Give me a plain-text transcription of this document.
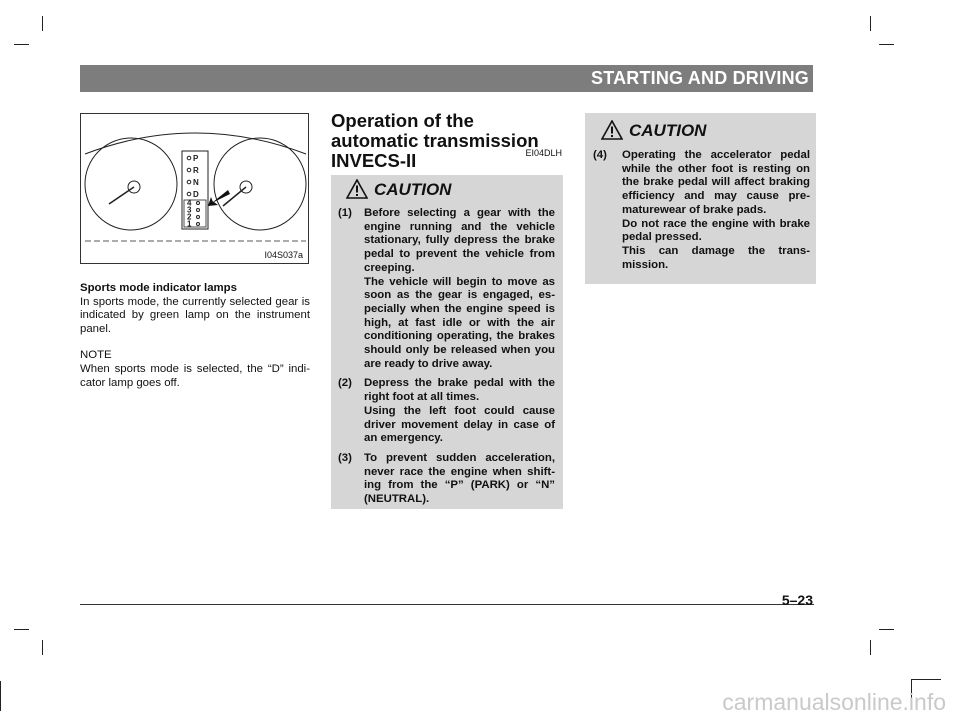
STARTING AND DRIVING
P
R
N
D
4
3
2
1
I04S037a

Sports mode indicator lamps

In sports mode, the currently selected gear is indicated by green lamp on the instrument panel.

NOTE

When sports mode is selected, the “D” indi-cator lamp goes off.

Operation of the automatic transmission INVECS-II	EI04DLH
CAUTION
(1)	Before selecting a gear with the engine running and the vehicle stationary, fully depress the brake pedal to prevent the vehicle from creeping.
The vehicle will begin to move as soon as the gear is engaged, es-pecially when the engine speed is high, at fast idle or with the air conditioning operating, the brakes should only be released when you are ready to drive away.
(2)	Depress the brake pedal with the right foot at all times.
Using the left foot could cause driver movement delay in case of an emergency.
(3)	To prevent sudden acceleration, never race the engine when shift-ing from the “P” (PARK) or “N” (NEUTRAL).
CAUTION
(4)	Operating the accelerator pedal while the other foot is resting on the brake pedal will affect braking efficiency and may cause pre-maturewear of brake pads.
Do not race the engine with brake pedal pressed.
This can damage the trans-mission.
5–23
carmanualsonline.info
